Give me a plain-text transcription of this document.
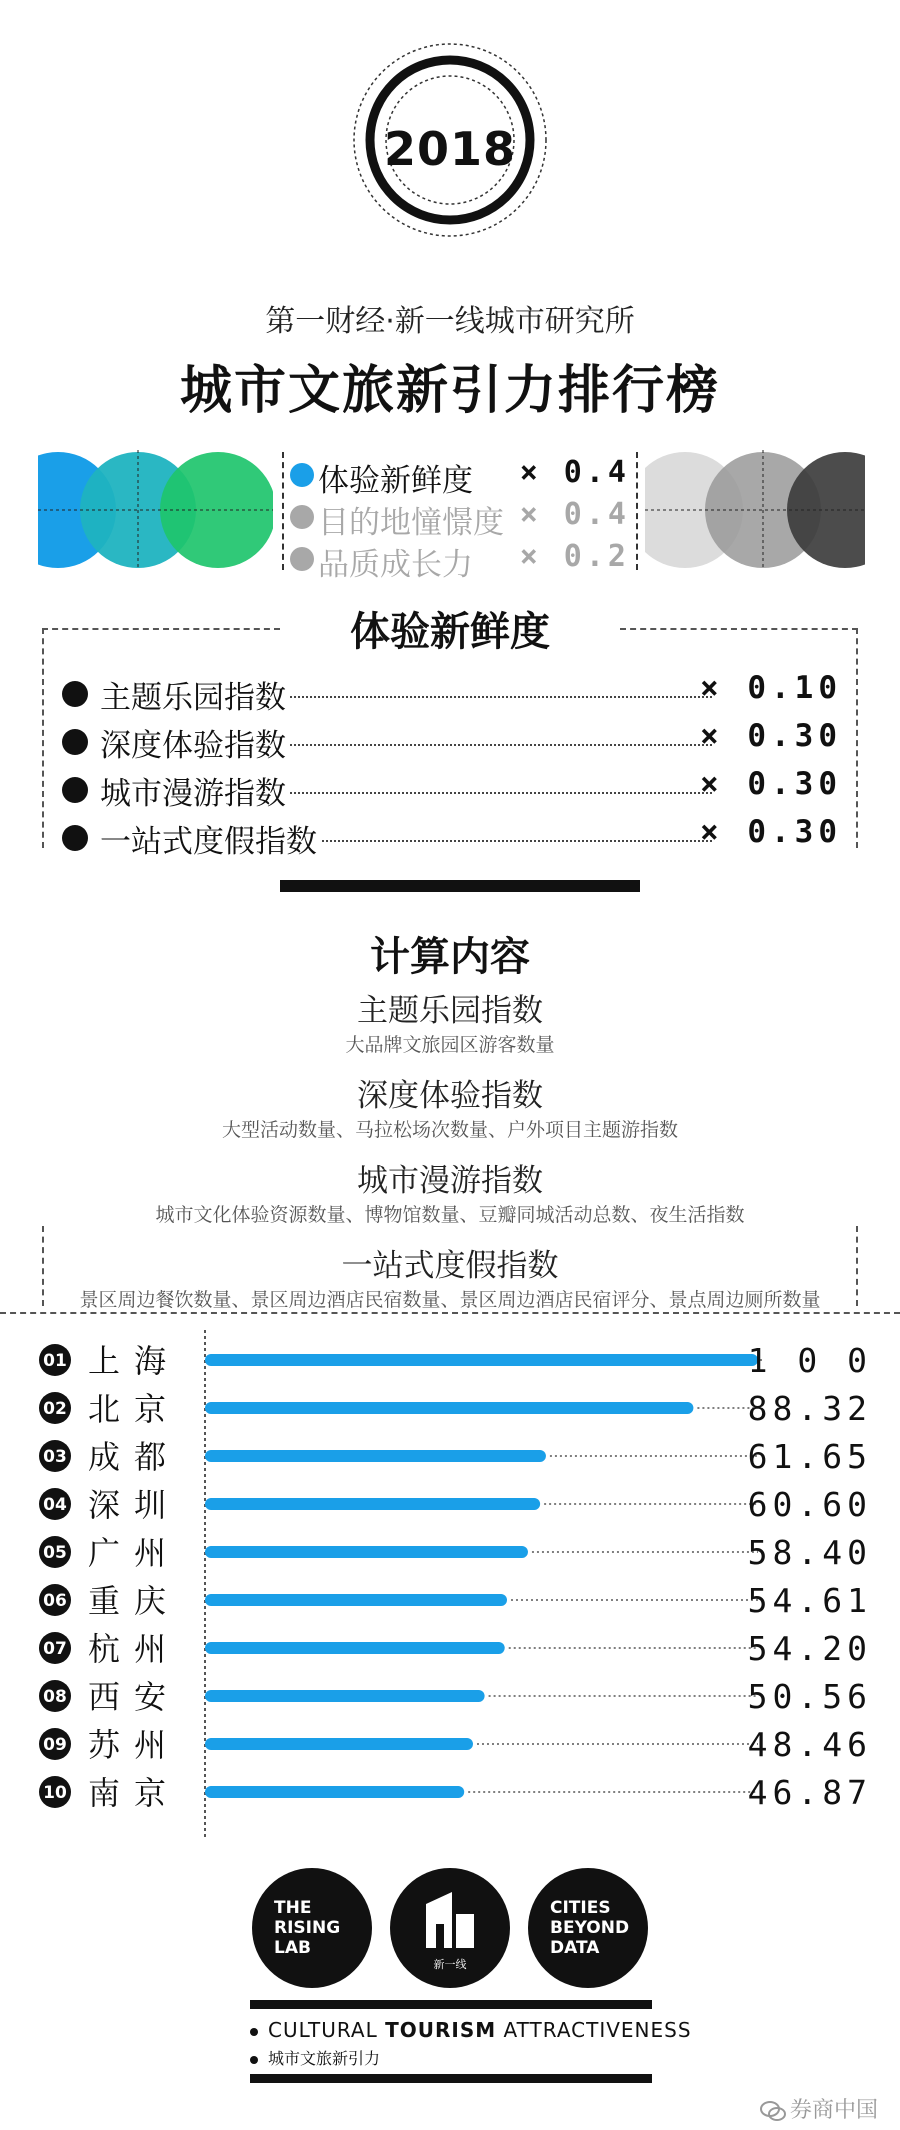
2018
第一财经·新一线城市研究所
城市文旅新引力排行榜
体验新鲜度 × 0.4
目的地憧憬度 × 0.4
品质成长力 × 0.2
体验新鲜度
主题乐园指数	× 0.10
深度体验指数	× 0.30
城市漫游指数	× 0.30
一站式度假指数	× 0.30
计算内容
主题乐园指数
大品牌文旅园区游客数量
深度体验指数
大型活动数量、马拉松场次数量、户外项目主题游指数
城市漫游指数
城市文化体验资源数量、博物馆数量、豆瓣同城活动总数、夜生活指数
一站式度假指数
景区周边餐饮数量、景区周边酒店民宿数量、景区周边酒店民宿评分、景点周边厕所数量
01 上海	1 0 0
02 北京	88.32
03 成都	61.65
04 深圳	60.60
05 广州	58.40
06 重庆	54.61
07 杭州	54.20
08 西安	50.56
09 苏州	48.46
10 南京	46.87
THE
RISING
LAB
新一线
CITIES
BEYOND
DATA
CULTURAL TOURISM ATTRACTIVENESS
城市文旅新引力
券商中国
